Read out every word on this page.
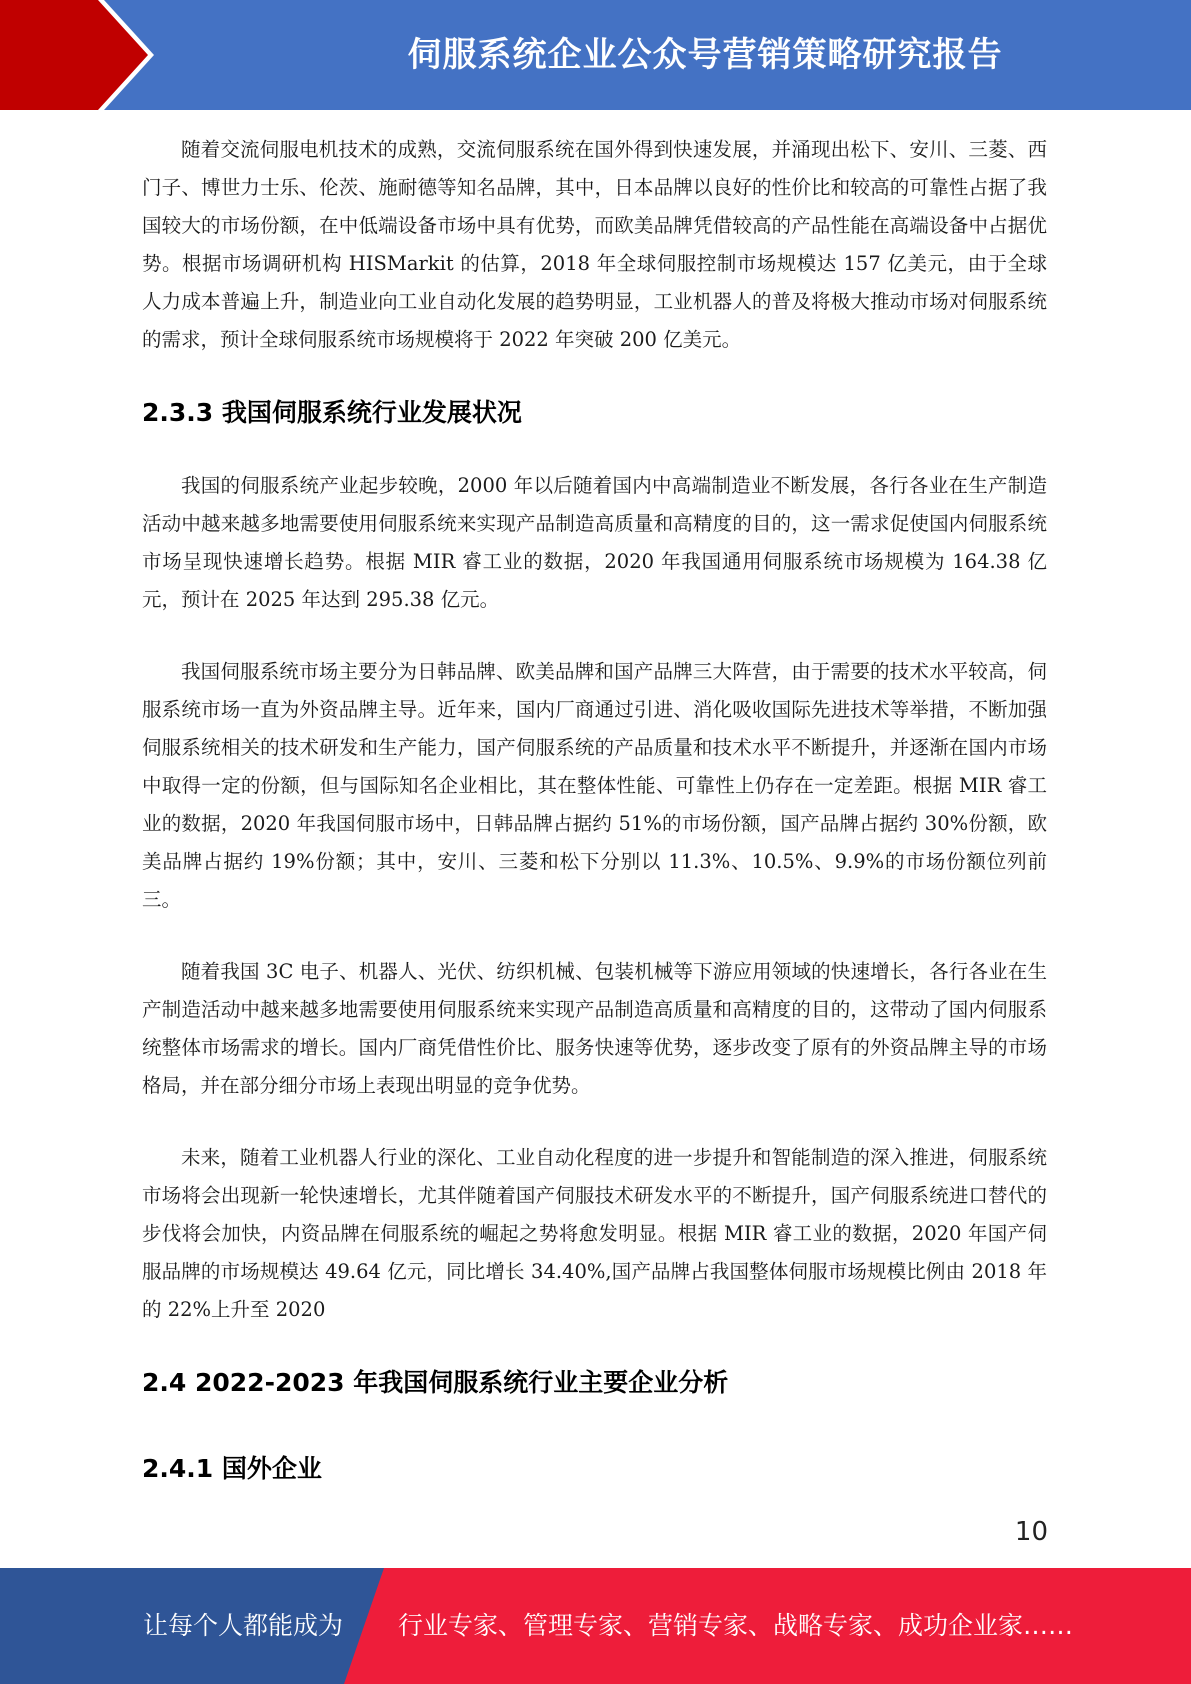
伺服系统企业公众号营销策略研究报告

随着交流伺服电机技术的成熟，交流伺服系统在国外得到快速发展，并涌现出松下、安川、三菱、西门子、博世力士乐、伦茨、施耐德等知名品牌，其中，日本品牌以良好的性价比和较高的可靠性占据了我国较大的市场份额，在中低端设备市场中具有优势，而欧美品牌凭借较高的产品性能在高端设备中占据优势。根据市场调研机构 HISMarkit 的估算，2018 年全球伺服控制市场规模达 157 亿美元，由于全球人力成本普遍上升，制造业向工业自动化发展的趋势明显，工业机器人的普及将极大推动市场对伺服系统的需求，预计全球伺服系统市场规模将于 2022 年突破 200 亿美元。

2.3.3 我国伺服系统行业发展状况

我国的伺服系统产业起步较晚，2000 年以后随着国内中高端制造业不断发展，各行各业在生产制造活动中越来越多地需要使用伺服系统来实现产品制造高质量和高精度的目的，这一需求促使国内伺服系统市场呈现快速增长趋势。根据 MIR 睿工业的数据，2020 年我国通用伺服系统市场规模为 164.38 亿元，预计在 2025 年达到 295.38 亿元。

我国伺服系统市场主要分为日韩品牌、欧美品牌和国产品牌三大阵营，由于需要的技术水平较高，伺服系统市场一直为外资品牌主导。近年来，国内厂商通过引进、消化吸收国际先进技术等举措，不断加强伺服系统相关的技术研发和生产能力，国产伺服系统的产品质量和技术水平不断提升，并逐渐在国内市场中取得一定的份额，但与国际知名企业相比，其在整体性能、可靠性上仍存在一定差距。根据 MIR 睿工业的数据，2020 年我国伺服市场中，日韩品牌占据约 51%的市场份额，国产品牌占据约 30%份额，欧美品牌占据约 19%份额；其中，安川、三菱和松下分别以 11.3%、10.5%、9.9%的市场份额位列前三。

随着我国 3C 电子、机器人、光伏、纺织机械、包装机械等下游应用领域的快速增长，各行各业在生产制造活动中越来越多地需要使用伺服系统来实现产品制造高质量和高精度的目的，这带动了国内伺服系统整体市场需求的增长。国内厂商凭借性价比、服务快速等优势，逐步改变了原有的外资品牌主导的市场格局，并在部分细分市场上表现出明显的竞争优势。

未来，随着工业机器人行业的深化、工业自动化程度的进一步提升和智能制造的深入推进，伺服系统市场将会出现新一轮快速增长，尤其伴随着国产伺服技术研发水平的不断提升，国产伺服系统进口替代的步伐将会加快，内资品牌在伺服系统的崛起之势将愈发明显。根据 MIR 睿工业的数据，2020 年国产伺服品牌的市场规模达 49.64 亿元，同比增长 34.40%,国产品牌占我国整体伺服市场规模比例由 2018 年的 22%上升至 2020

2.4 2022-2023 年我国伺服系统行业主要企业分析
2.4.1 国外企业
10
让每个人都能成为 行业专家、管理专家、营销专家、战略专家、成功企业家……
